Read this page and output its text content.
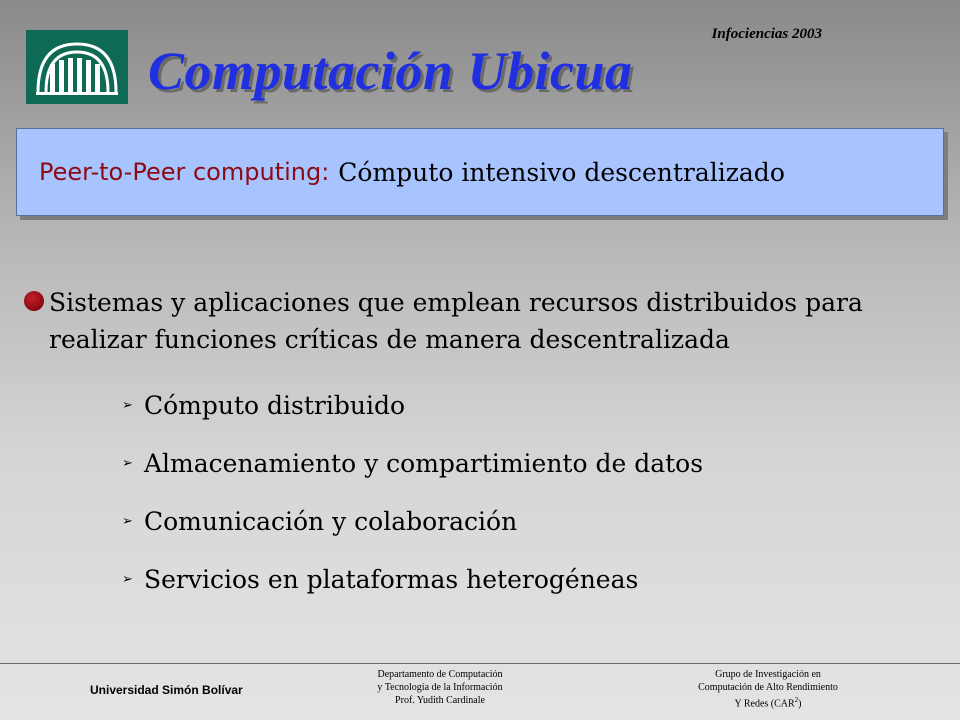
Infociencias 2003
Computación Ubicua
Peer-to-Peer computing: Cómputo intensivo descentralizado
Sistemas y aplicaciones que emplean recursos distribuidos para realizar funciones críticas de manera descentralizada
➢ Cómputo distribuido
➢ Almacenamiento y compartimiento de datos
➢ Comunicación y colaboración
➢ Servicios en plataformas heterogéneas
Universidad Simón Bolívar
Departamento de Computación
y Tecnología de la Información
Prof. Yudith Cardinale
Grupo de Investigación en
Computación de Alto Rendimiento
Y Redes (CAR$^2$)
